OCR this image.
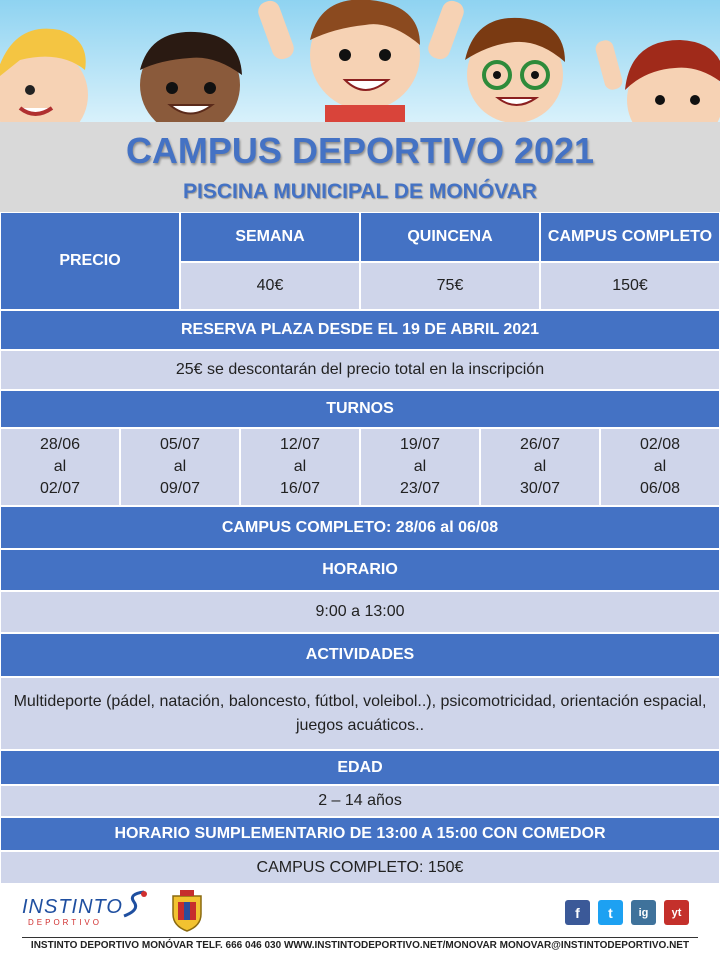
CAMPUS DEPORTIVO 2021
PISCINA MUNICIPAL DE MONÓVAR
PRECIO
SEMANA	QUINCENA	CAMPUS COMPLETO
40€	75€	150€
RESERVA PLAZA DESDE EL 19 DE ABRIL 2021
25€ se descontarán del precio total en la inscripción
TURNOS
28/06
al
02/07
05/07
al
09/07
12/07
al
16/07
19/07
al
23/07
26/07
al
30/07
02/08
al
06/08
CAMPUS COMPLETO: 28/06 al 06/08
HORARIO
9:00 a 13:00
ACTIVIDADES
Multideporte (pádel, natación, baloncesto, fútbol, voleibol..), psicomotricidad, orientación espacial, juegos acuáticos..
EDAD
2 – 14 años
HORARIO SUMPLEMENTARIO DE 13:00 A 15:00 CON COMEDOR
CAMPUS COMPLETO: 150€
INSTINTO
DEPORTIVO
f	t	ig	yt
INSTINTO DEPORTIVO MONÓVAR TELF. 666 046 030 WWW.INSTINTODEPORTIVO.NET/MONOVAR MONOVAR@INSTINTODEPORTIVO.NET
